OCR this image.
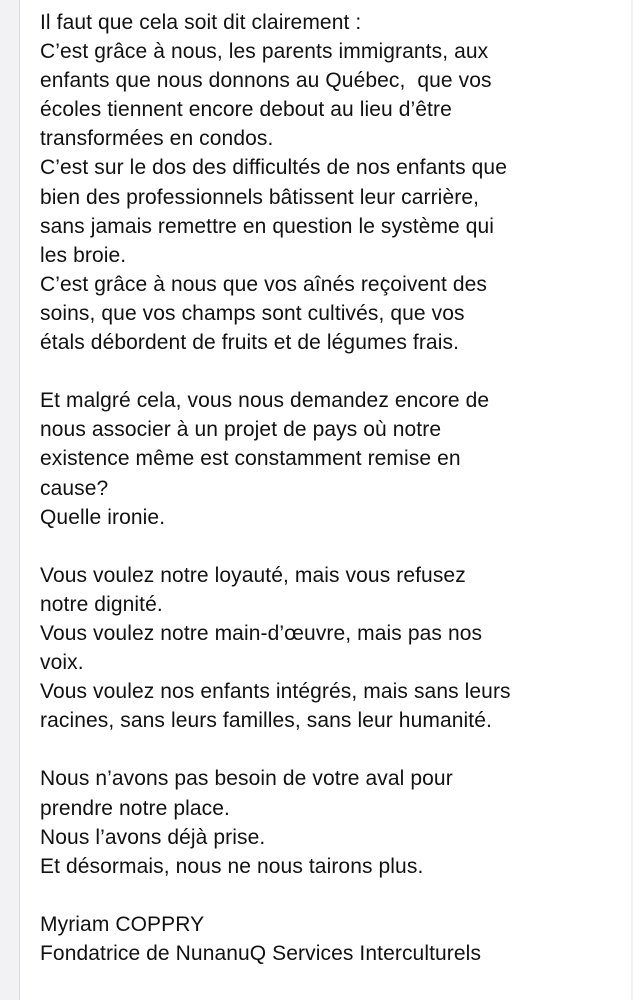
Il faut que cela soit dit clairement :
C’est grâce à nous, les parents immigrants, aux
enfants que nous donnons au Québec,  que vos
écoles tiennent encore debout au lieu d’être
transformées en condos.
C’est sur le dos des difficultés de nos enfants que
bien des professionnels bâtissent leur carrière,
sans jamais remettre en question le système qui
les broie.
C’est grâce à nous que vos aînés reçoivent des
soins, que vos champs sont cultivés, que vos
étals débordent de fruits et de légumes frais.

Et malgré cela, vous nous demandez encore de
nous associer à un projet de pays où notre
existence même est constamment remise en
cause?
Quelle ironie.

Vous voulez notre loyauté, mais vous refusez
notre dignité.
Vous voulez notre main-d’œuvre, mais pas nos
voix.
Vous voulez nos enfants intégrés, mais sans leurs
racines, sans leurs familles, sans leur humanité.

Nous n’avons pas besoin de votre aval pour
prendre notre place.
Nous l’avons déjà prise.
Et désormais, nous ne nous tairons plus.

Myriam COPPRY
Fondatrice de NunanuQ Services Interculturels
